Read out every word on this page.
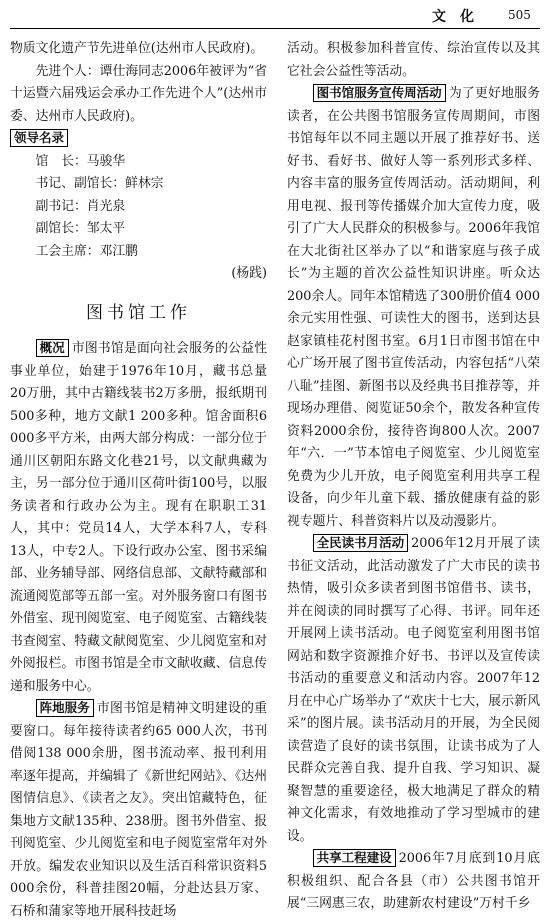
文化 505

物质文化遗产节先进单位(达州市人民政府)。

先进个人：谭仕海同志2006年被评为“省十运暨六届残运会承办工作先进个人”(达州市委、达州市人民政府)。

领导名录

馆　长：马骏华
书记、副馆长：鲜林宗
副书记：肖光泉
副馆长：邹太平
工会主席：邓江鹏
(杨践)
图书馆工作

概况 市图书馆是面向社会服务的公益性事业单位，始建于1976年10月，藏书总量20万册，其中古籍线装书2万多册，报纸期刊500多种，地方文献1 200多种。馆舍面积6 000多平方米，由两大部分构成：一部分位于通川区朝阳东路文化巷21号，以文献典藏为主，另一部分位于通川区荷叶街100号，以服务读者和行政办公为主。现有在职职工31人，其中：党员14人，大学本科7人，专科13人，中专2人。下设行政办公室、图书采编部、业务辅导部、网络信息部、文献特藏部和流通阅览部等五部一室。对外服务窗口有图书外借室、现刊阅览室、电子阅览室、古籍线装书查阅室、特藏文献阅览室、少儿阅览室和对外阅报栏。市图书馆是全市文献收藏、信息传递和服务中心。

阵地服务 市图书馆是精神文明建设的重要窗口。每年接待读者约65 000人次，书刊借阅138 000余册，图书流动率、报刊利用率逐年提高，并编辑了《新世纪网站》、《达州图情信息》、《读者之友》。突出馆藏特色，征集地方文献135种、238册。图书外借室、报刊阅览室、少儿阅览室和电子阅览室常年对外开放。编发农业知识以及生活百科常识资料5 000余份，科普挂图20幅，分赴达县万家、石桥和蒲家等地开展科技赶场

活动。积极参加科普宣传、综治宣传以及其它社会公益性等活动。

图书馆服务宣传周活动 为了更好地服务读者，在公共图书馆服务宣传周期间，市图书馆每年以不同主题以开展了推荐好书、送好书、看好书、做好人等一系列形式多样、内容丰富的服务宣传周活动。活动期间，利用电视、报刊等传播媒介加大宣传力度，吸引了广大人民群众的积极参与。2006年我馆在大北街社区举办了以“和谐家庭与孩子成长”为主题的首次公益性知识讲座。听众达200余人。同年本馆精选了300册价值4 000余元实用性强、可读性大的图书，送到达县赵家镇桂花村图书室。6月1日市图书馆在中心广场开展了图书宣传活动，内容包括“八荣八耻”挂图、新图书以及经典书目推荐等，并现场办理借、阅览证50余个，散发各种宣传资料2000余份，接待咨询800人次。2007年“六．一”节本馆电子阅览室、少儿阅览室免费为少儿开放，电子阅览室利用共享工程设备，向少年儿童下载、播放健康有益的影视专题片、科普资料片以及动漫影片。

全民读书月活动 2006年12月开展了读书征文活动，此活动激发了广大市民的读书热情，吸引众多读者到图书馆借书、读书，并在阅读的同时撰写了心得、书评。同年还开展网上读书活动。电子阅览室利用图书馆网站和数字资源推介好书、书评以及宣传读书活动的重要意义和活动内容。2007年12月在中心广场举办了“欢庆十七大，展示新风采”的图片展。读书活动月的开展，为全民阅读营造了良好的读书氛围，让读书成为了人民群众完善自我、提升自我、学习知识、凝聚智慧的重要途径，极大地满足了群众的精神文化需求，有效地推动了学习型城市的建设。

共享工程建设 2006年7月底到10月底积极组织、配合各县（市）公共图书馆开展“三网惠三农，助建新农村建设”万村千乡
